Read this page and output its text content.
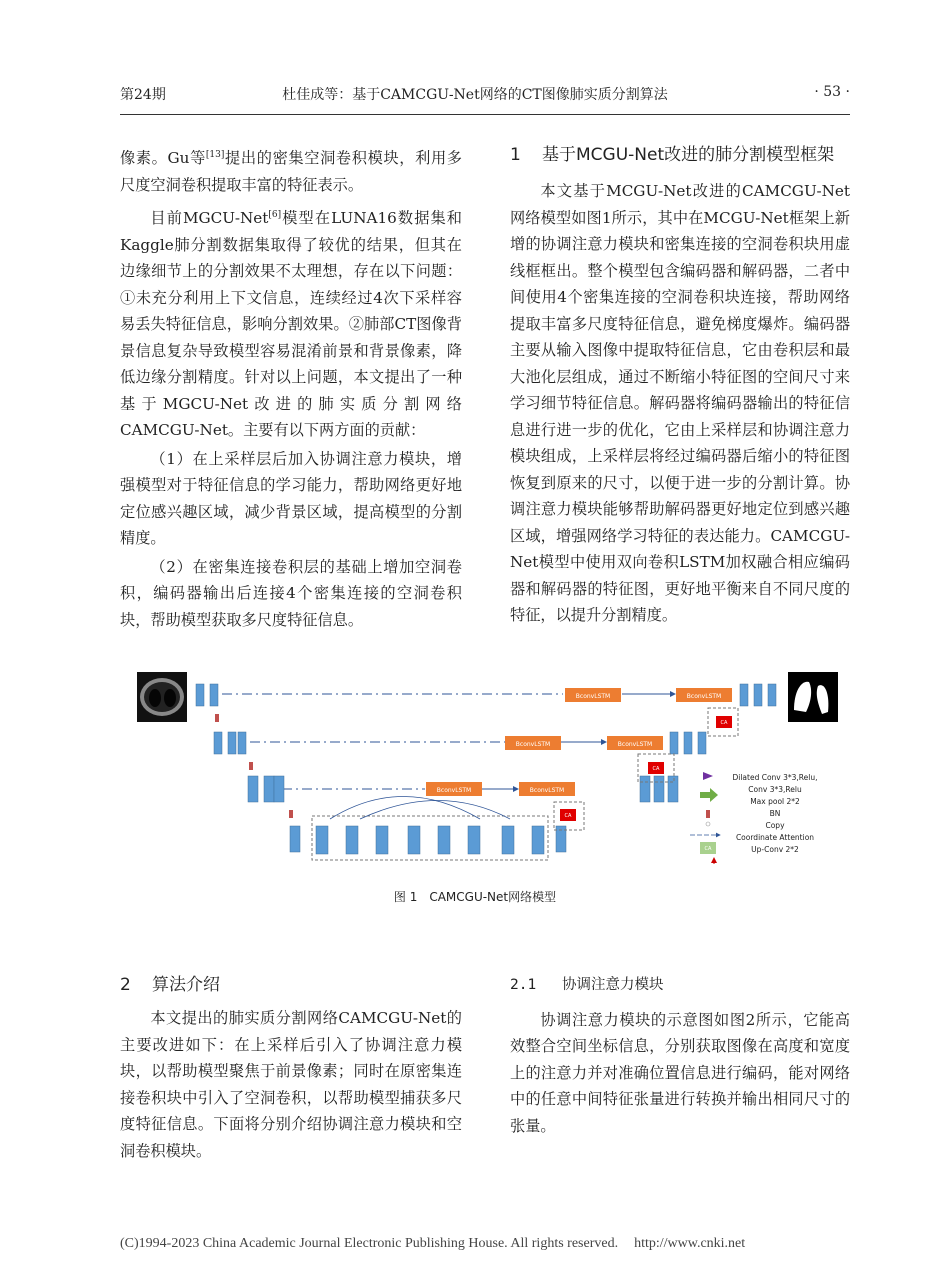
第24期	杜佳成等：基于CAMCGU-Net网络的CT图像肺实质分割算法	· 53 ·

像素。Gu等[13]提出的密集空洞卷积模块，利用多尺度空洞卷积提取丰富的特征表示。

目前MGCU-Net[6]模型在LUNA16数据集和Kaggle肺分割数据集取得了较优的结果，但其在边缘细节上的分割效果不太理想，存在以下问题：①未充分利用上下文信息，连续经过4次下采样容易丢失特征信息，影响分割效果。②肺部CT图像背景信息复杂导致模型容易混淆前景和背景像素，降低边缘分割精度。针对以上问题，本文提出了一种基于MGCU-Net改进的肺实质分割网络CAMCGU-Net。主要有以下两方面的贡献：

（1）在上采样层后加入协调注意力模块，增强模型对于特征信息的学习能力，帮助网络更好地定位感兴趣区域，减少背景区域，提高模型的分割精度。

（2）在密集连接卷积层的基础上增加空洞卷积，编码器输出后连接4个密集连接的空洞卷积块，帮助模型获取多尺度特征信息。

1	基于MCGU-Net改进的肺分割模型框架

本文基于MCGU-Net改进的CAMCGU-Net网络模型如图1所示，其中在MCGU-Net框架上新增的协调注意力模块和密集连接的空洞卷积块用虚线框框出。整个模型包含编码器和解码器，二者中间使用4个密集连接的空洞卷积块连接，帮助网络提取丰富多尺度特征信息，避免梯度爆炸。编码器主要从输入图像中提取特征信息，它由卷积层和最大池化层组成，通过不断缩小特征图的空间尺寸来学习细节特征信息。解码器将编码器输出的特征信息进行进一步的优化，它由上采样层和协调注意力模块组成，上采样层将经过编码器后缩小的特征图恢复到原来的尺寸，以便于进一步的分割计算。协调注意力模块能够帮助解码器更好地定位到感兴趣区域，增强网络学习特征的表达能力。CAMCGU-Net模型中使用双向卷积LSTM加权融合相应编码器和解码器的特征图，更好地平衡来自不同尺度的特征，以提升分割精度。

BconvLSTM	BconvLSTM
BconvLSTM	BconvLSTM
BconvLSTM	BconvLSTM
CA
CA
CA
CA
Dilated Conv 3*3,Relu,
Conv 3*3,Relu
Max pool 2*2
BN
Copy
Coordinate Attention
Up-Conv 2*2
图 1　CAMCGU-Net网络模型
2 算法介绍

本文提出的肺实质分割网络CAMCGU-Net的主要改进如下：在上采样后引入了协调注意力模块，以帮助模型聚焦于前景像素；同时在原密集连接卷积块中引入了空洞卷积，以帮助模型捕获多尺度特征信息。下面将分别介绍协调注意力模块和空洞卷积模块。

2.1 协调注意力模块

协调注意力模块的示意图如图2所示，它能高效整合空间坐标信息，分别获取图像在高度和宽度上的注意力并对准确位置信息进行编码，能对网络中的任意中间特征张量进行转换并输出相同尺寸的张量。

(C)1994-2023 China Academic Journal Electronic Publishing House. All rights reserved. http://www.cnki.net
